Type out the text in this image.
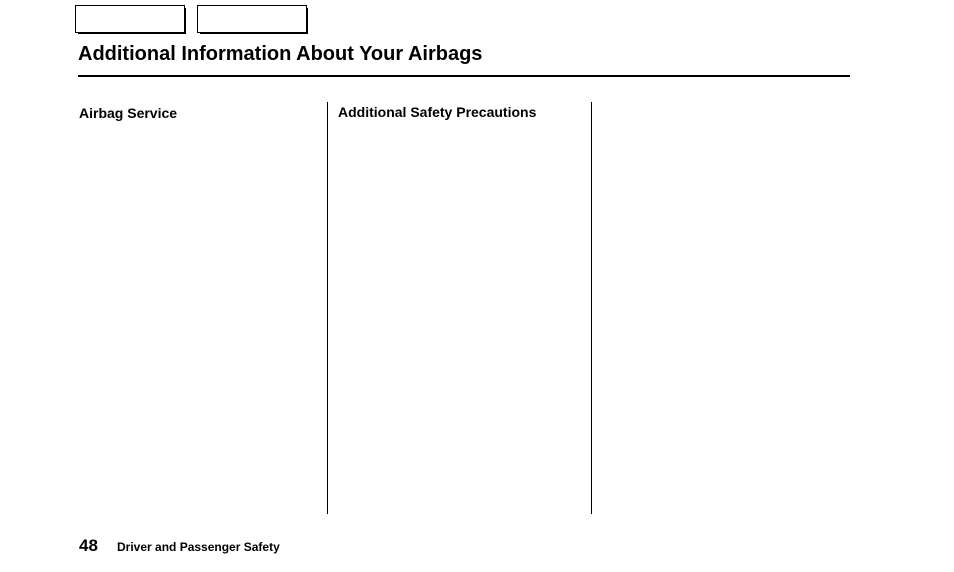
Additional Information About Your Airbags
Airbag Service	Additional Safety Precautions
48 Driver and Passenger Safety
